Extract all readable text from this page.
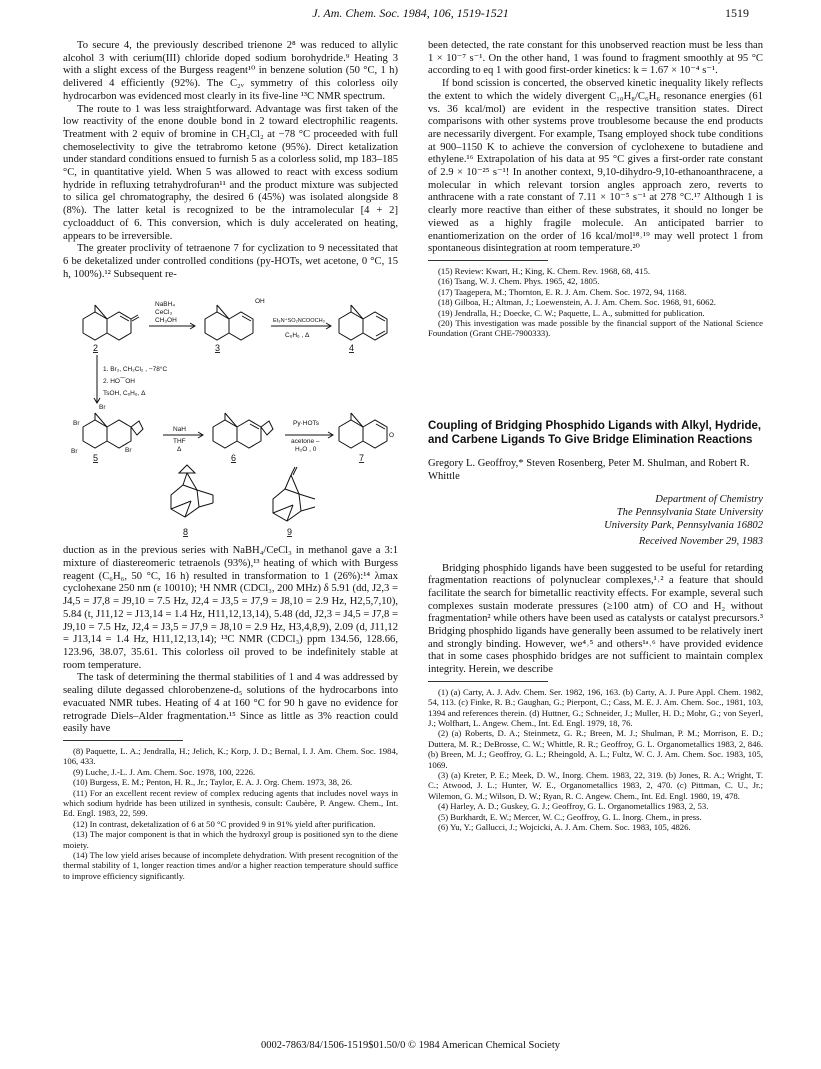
J. Am. Chem. Soc. 1984, 106, 1519-1521	1519

To secure 4, the previously described trienone 2⁸ was reduced to allylic alcohol 3 with cerium(III) chloride doped sodium borohydride.⁹ Heating 3 with a slight excess of the Burgess reagent¹⁰ in benzene solution (50 °C, 1 h) delivered 4 efficiently (92%). The C₂ᵥ symmetry of this colorless oily hydrocarbon was evidenced most clearly in its five-line ¹³C NMR spectrum.

The route to 1 was less straightforward. Advantage was first taken of the low reactivity of the enone double bond in 2 toward electrophilic reagents. Treatment with 2 equiv of bromine in CH₂Cl₂ at −78 °C proceeded with full chemoselectivity to give the tetrabromo ketone (95%). Direct ketalization under standard conditions ensued to furnish 5 as a colorless solid, mp 183–185 °C, in quantitative yield. When 5 was allowed to react with excess sodium hydride in refluxing tetrahydrofuran¹¹ and the product mixture was subjected to silica gel chromatography, the desired 6 (45%) was isolated alongside 8 (8%). The latter ketal is recognized to be the intramolecular [4 + 2] cycloadduct of 6. This conversion, which is duly accelerated on heating, appears to be irreversible.

The greater proclivity of tetraenone 7 for cyclization to 9 necessitated that 6 be deketalized under controlled conditions (py-HOTs, wet acetone, 0 °C, 15 h, 100%).¹² Subsequent re-

NaBH₄
CeCl₃
CH₃OH
OH
Et₃N⁺SO₂NCOOCH₃
C₆H₆ , Δ
1. Br₂, CH₂Cl₂ , −78°C
2. HO⁀OH
TsOH, C₆H₆, Δ
Br
Br
Br
Br
NaH
THF
Δ
Py·HOTs
acetone –
H₂O , 0
O
2	3	4
5	6	7
8	9

duction as in the previous series with NaBH₄/CeCl₃ in methanol gave a 3:1 mixture of diastereomeric tetraenols (93%),¹³ heating of which with Burgess reagent (C₆H₆, 50 °C, 16 h) resulted in transformation to 1 (26%):¹⁴ λmax cyclohexane 250 nm (ε 10010); ¹H NMR (CDCl₃, 200 MHz) δ 5.91 (dd, J2,3 = J4,5 = J7,8 = J9,10 = 7.5 Hz, J2,4 = J3,5 = J7,9 = J8,10 = 2.9 Hz, H2,5,7,10), 5.84 (t, J11,12 = J13,14 = 1.4 Hz, H11,12,13,14), 5.48 (dd, J2,3 = J4,5 = J7,8 = J9,10 = 7.5 Hz, J2,4 = J3,5 = J7,9 = J8,10 = 2.9 Hz, H3,4,8,9), 2.09 (d, J11,12 = J13,14 = 1.4 Hz, H11,12,13,14); ¹³C NMR (CDCl₃) ppm 134.56, 128.66, 123.96, 38.07, 35.61. This colorless oil proved to be indefinitely stable at room temperature.

The task of determining the thermal stabilities of 1 and 4 was addressed by sealing dilute degassed chlorobenzene-d₅ solutions of the hydrocarbons into evacuated NMR tubes. Heating of 4 at 160 °C for 90 h gave no evidence for retrograde Diels–Alder fragmentation.¹⁵ Since as little as 3% reaction could easily have

(8) Paquette, L. A.; Jendralla, H.; Jelich, K.; Korp, J. D.; Bernal, I. J. Am. Chem. Soc. 1984, 106, 433.

(9) Luche, J.-L. J. Am. Chem. Soc. 1978, 100, 2226.

(10) Burgess, E. M.; Penton, H. R., Jr.; Taylor, E. A. J. Org. Chem. 1973, 38, 26.

(11) For an excellent recent review of complex reducing agents that includes novel ways in which sodium hydride has been utilized in synthesis, consult: Caubère, P. Angew. Chem., Int. Ed. Engl. 1983, 22, 599.

(12) In contrast, deketalization of 6 at 50 °C provided 9 in 91% yield after purification.

(13) The major component is that in which the hydroxyl group is positioned syn to the diene moiety.

(14) The low yield arises because of incomplete dehydration. With present recognition of the thermal stability of 1, longer reaction times and/or a higher reaction temperature should suffice to improve efficiency significantly.

been detected, the rate constant for this unobserved reaction must be less than 1 × 10⁻⁷ s⁻¹. On the other hand, 1 was found to fragment smoothly at 95 °C according to eq 1 with good first-order kinetics: k = 1.67 × 10⁻⁴ s⁻¹.

If bond scission is concerted, the observed kinetic inequality likely reflects the extent to which the widely divergent C₁₀H₈/C₆H₆ resonance energies (61 vs. 36 kcal/mol) are evident in the respective transition states. Direct comparisons with other systems prove troublesome because the end products are necessarily divergent. For example, Tsang employed shock tube conditions at 900–1150 K to achieve the conversion of cyclohexene to butadiene and ethylene.¹⁶ Extrapolation of his data at 95 °C gives a first-order rate constant of 2.9 × 10⁻²⁵ s⁻¹! In another context, 9,10-dihydro-9,10-ethanoanthracene, a molecular in which relevant torsion angles approach zero, reverts to anthracene with a rate constant of 7.11 × 10⁻⁵ s⁻¹ at 278 °C.¹⁷ Although 1 is clearly more reactive than either of these substrates, it should no longer be viewed as a highly fragile molecule. An anticipated barrier to enantiomerization on the order of 16 kcal/mol¹⁸˒¹⁹ may well protect 1 from spontaneous disintegration at room temperature.²⁰

(15) Review: Kwart, H.; King, K. Chem. Rev. 1968, 68, 415.

(16) Tsang, W. J. Chem. Phys. 1965, 42, 1805.

(17) Taagepera, M.; Thornton, E. R. J. Am. Chem. Soc. 1972, 94, 1168.

(18) Gilboa, H.; Altman, J.; Loewenstein, A. J. Am. Chem. Soc. 1968, 91, 6062.

(19) Jendralla, H.; Doecke, C. W.; Paquette, L. A., submitted for publication.

(20) This investigation was made possible by the financial support of the National Science Foundation (Grant CHE-7900333).

Coupling of Bridging Phosphido Ligands with Alkyl, Hydride, and Carbene Ligands To Give Bridge Elimination Reactions
Gregory L. Geoffroy,* Steven Rosenberg, Peter M. Shulman, and Robert R. Whittle
Department of Chemistry
The Pennsylvania State University
University Park, Pennsylvania 16802
Received November 29, 1983

Bridging phosphido ligands have been suggested to be useful for retarding fragmentation reactions of polynuclear complexes,¹˒² a feature that should facilitate the search for bimetallic reactivity effects. For example, several such complexes sustain moderate pressures (≥100 atm) of CO and H₂ without fragmentation² while others have been used as catalysts or catalyst precursors.³ Bridging phosphido ligands have generally been assumed to be relatively inert and strongly binding. However, we⁴˒⁵ and others¹ᵃ˒⁶ have provided evidence that in some cases phosphido bridges are not sufficient to maintain complex integrity. Herein, we describe

(1) (a) Carty, A. J. Adv. Chem. Ser. 1982, 196, 163. (b) Carty, A. J. Pure Appl. Chem. 1982, 54, 113. (c) Finke, R. B.; Gaughan, G.; Pierpont, C.; Cass, M. E. J. Am. Chem. Soc., 1981, 103, 1394 and references therein. (d) Huttner, G.; Schneider, J.; Muller, H. D.; Mohr, G.; von Seyerl, J.; Wolfhart, L. Angew. Chem., Int. Ed. Engl. 1979, 18, 76.

(2) (a) Roberts, D. A.; Steinmetz, G. R.; Breen, M. J.; Shulman, P. M.; Morrison, E. D.; Duttera, M. R.; DeBrosse, C. W.; Whittle, R. R.; Geoffroy, G. L. Organometallics 1983, 2, 846. (b) Breen, M. J.; Geoffroy, G. L.; Rheingold, A. L.; Fultz, W. C. J. Am. Chem. Soc. 1983, 105, 1069.

(3) (a) Kreter, P. E.; Meek, D. W., Inorg. Chem. 1983, 22, 319. (b) Jones, R. A.; Wright, T. C.; Atwood, J. L.; Hunter, W. E., Organometallics 1983, 2, 470. (c) Pittman, C. U., Jr.; Wilemon, G. M.; Wilson, D. W.; Ryan, R. C. Angew. Chem., Int. Ed. Engl. 1980, 19, 478.

(4) Harley, A. D.; Guskey, G. J.; Geoffroy, G. L. Organometallics 1983, 2, 53.

(5) Burkhardt, E. W.; Mercer, W. C.; Geoffroy, G. L. Inorg. Chem., in press.

(6) Yu, Y.; Gallucci, J.; Wojcicki, A. J. Am. Chem. Soc. 1983, 105, 4826.

0002-7863/84/1506-1519$01.50/0 © 1984 American Chemical Society
